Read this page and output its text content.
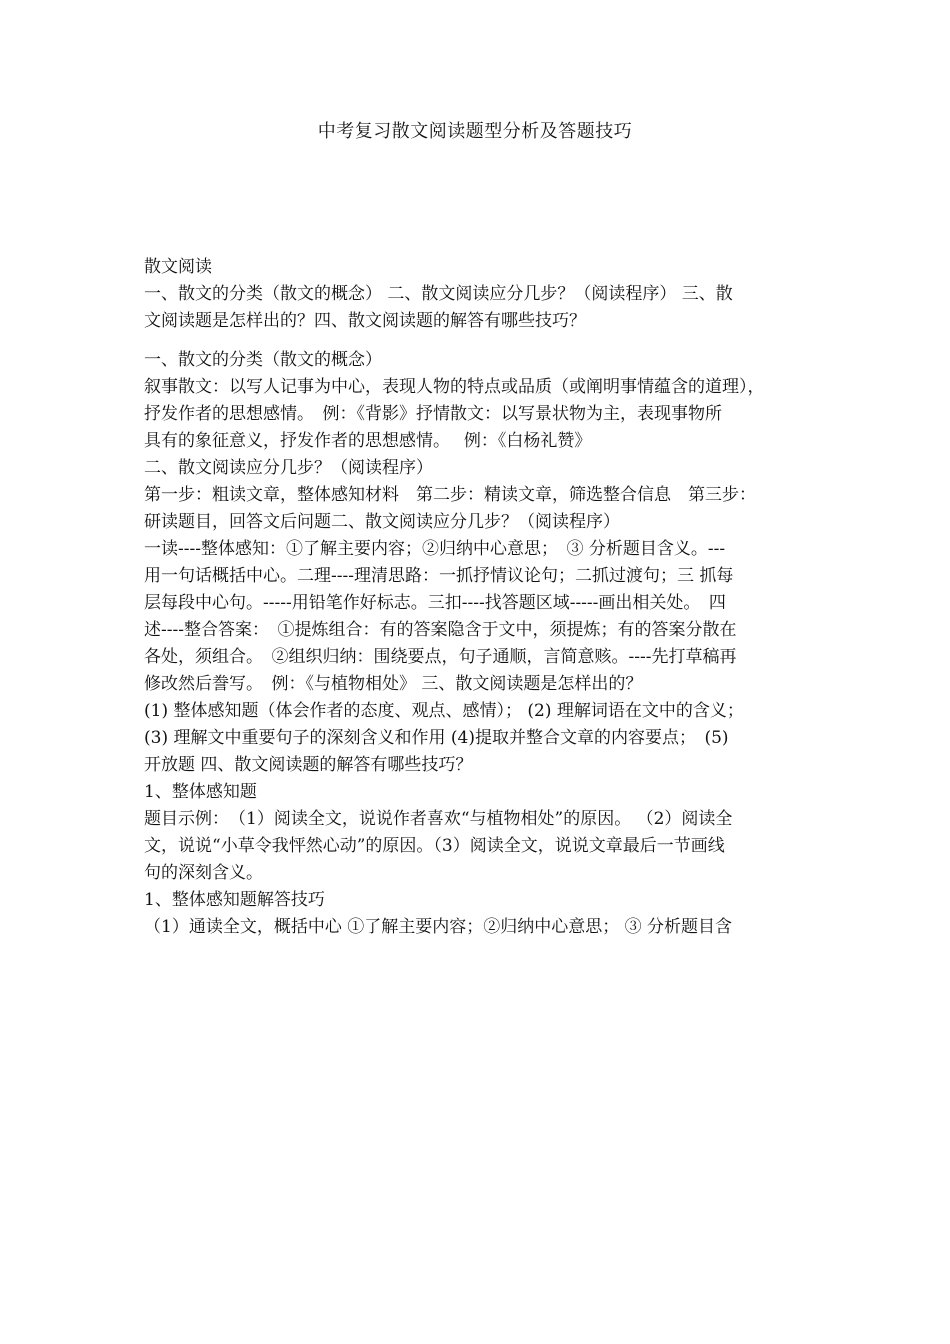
中考复习散文阅读题型分析及答题技巧

散文阅读

一、散文的分类（散文的概念） 二、散文阅读应分几步？（阅读程序） 三、散

文阅读题是怎样出的？四、散文阅读题的解答有哪些技巧？

一、散文的分类（散文的概念）

叙事散文：以写人记事为中心，表现人物的特点或品质（或阐明事情蕴含的道理），

抒发作者的思想感情。　例：《背影》抒情散文：以写景状物为主，表现事物所

具有的象征意义，抒发作者的思想感情。　 例：《白杨礼赞》

二、散文阅读应分几步？（阅读程序）

第一步：粗读文章，整体感知材料　第二步：精读文章，筛选整合信息　第三步：

研读题目，回答文后问题二、散文阅读应分几步？（阅读程序）

一读----整体感知：①了解主要内容；②归纳中心意思；　③ 分析题目含义。---

用一句话概括中心。二理----理清思路：一抓抒情议论句；二抓过渡句；三 抓每

层每段中心句。-----用铅笔作好标志。三扣----找答题区域-----画出相关处。　四

述----整合答案：　①提炼组合：有的答案隐含于文中，须提炼；有的答案分散在

各处，须组合。　②组织归纳：围绕要点，句子通顺，言简意赅。----先打草稿再

修改然后誊写。　例：《与植物相处》 三、散文阅读题是怎样出的？

(1) 整体感知题（体会作者的态度、观点、感情）； (2) 理解词语在文中的含义；

(3) 理解文中重要句子的深刻含义和作用 (4)提取并整合文章的内容要点；　(5)

开放题 四、散文阅读题的解答有哪些技巧？

1、整体感知题

题目示例：　（1）阅读全文，说说作者喜欢“与植物相处”的原因。 （2）阅读全

文，说说“小草令我怦然心动”的原因。（3）阅读全文，说说文章最后一节画线

句的深刻含义。

1、整体感知题解答技巧

（1）通读全文，概括中心 ①了解主要内容；②归纳中心意思； ③ 分析题目含
